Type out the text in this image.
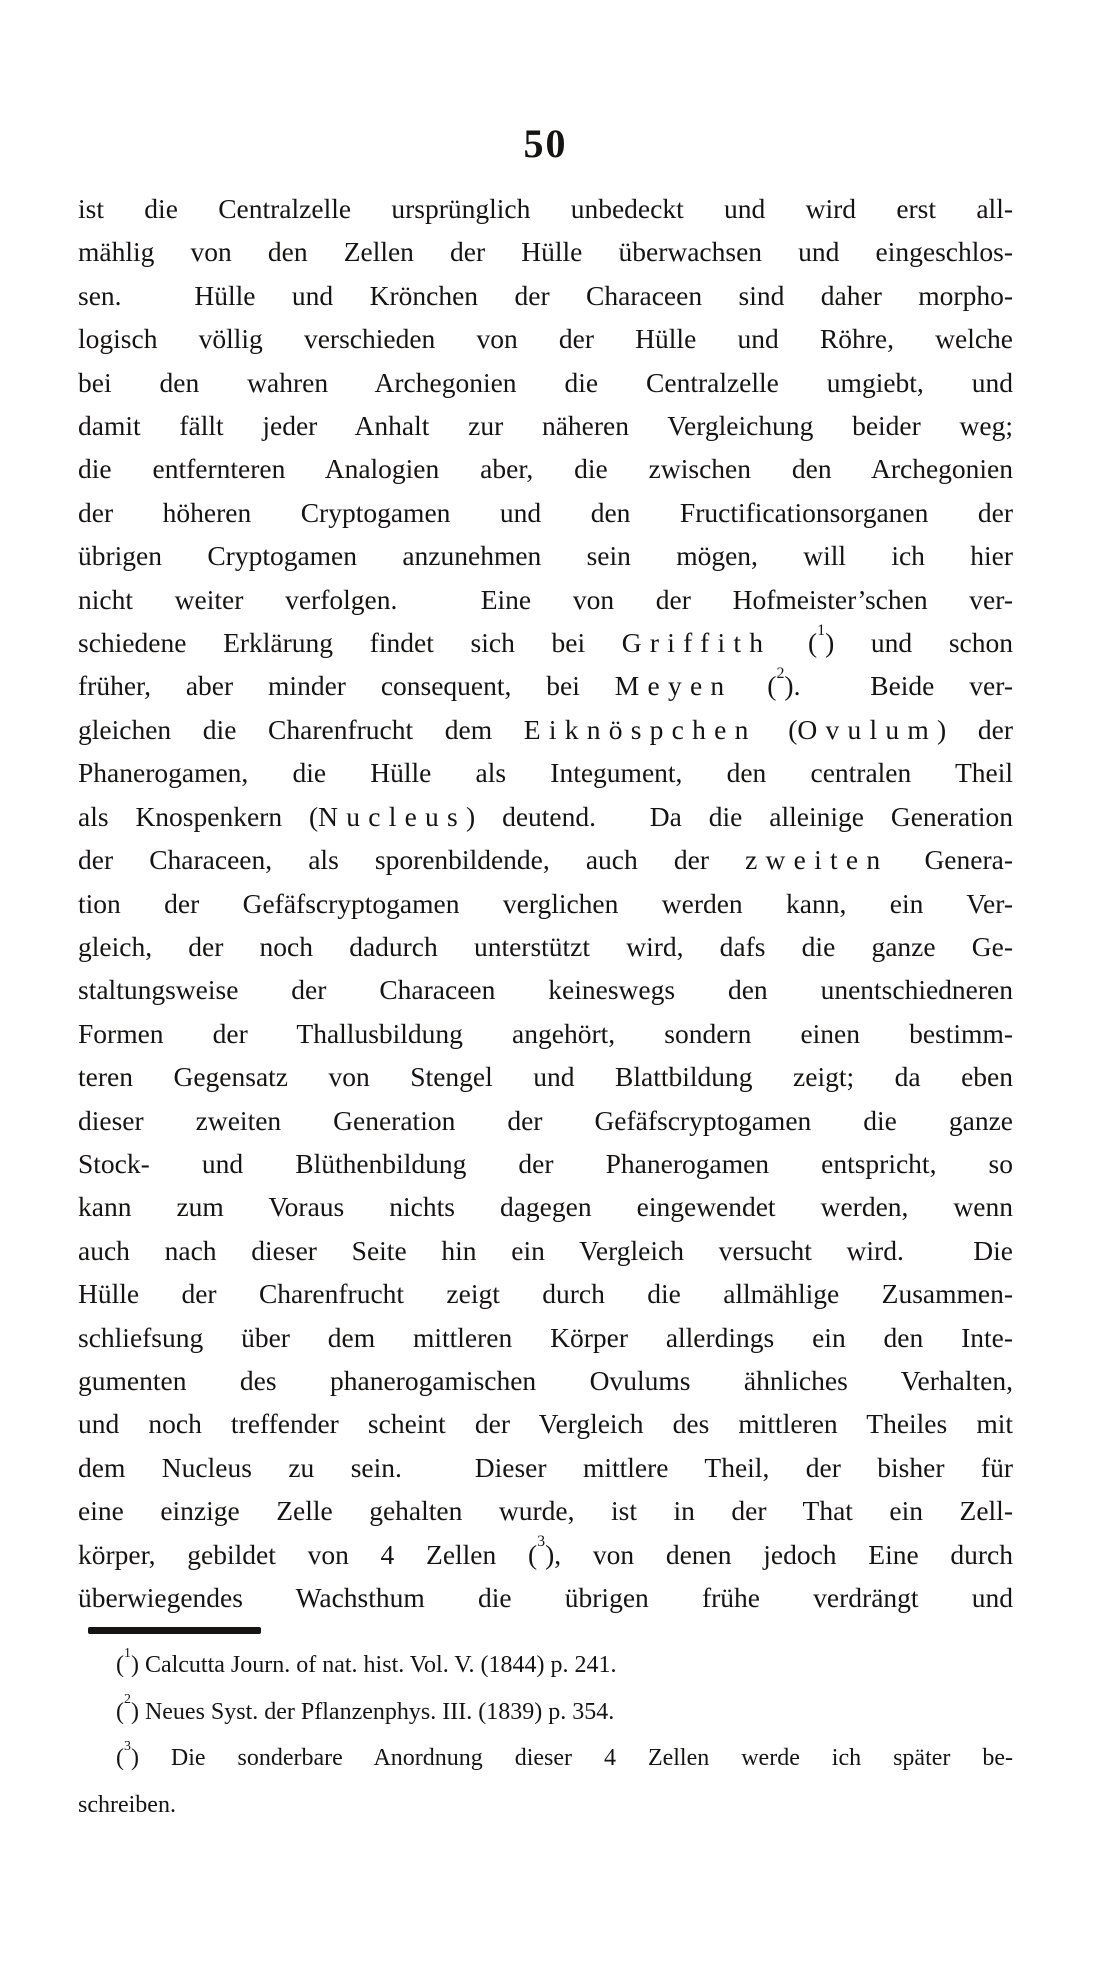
50
ist die Centralzelle ursprünglich unbedeckt und wird erst all-
mählig von den Zellen der Hülle überwachsen und eingeschlos-
sen.  Hülle und Krönchen der Characeen sind daher morpho-
logisch völlig verschieden von der Hülle und Röhre, welche
bei den wahren Archegonien die Centralzelle umgiebt, und
damit fällt jeder Anhalt zur näheren Vergleichung beider weg;
die entfernteren Analogien aber, die zwischen den Archegonien
der höheren Cryptogamen und den Fructificationsorganen der
übrigen Cryptogamen anzunehmen sein mögen, will ich hier
nicht weiter verfolgen.  Eine von der Hofmeister’schen ver-
schiedene Erklärung findet sich bei Griffith ($^1$) und schon
früher, aber minder consequent, bei Meyen ($^2$).  Beide ver-
gleichen die Charenfrucht dem Eiknöspchen (Ovulum) der
Phanerogamen, die Hülle als Integument, den centralen Theil
als Knospenkern (Nucleus) deutend.  Da die alleinige Generation
der Characeen, als sporenbildende, auch der zweiten Genera-
tion der Gefäfscryptogamen verglichen werden kann, ein Ver-
gleich, der noch dadurch unterstützt wird, dafs die ganze Ge-
staltungsweise der Characeen keineswegs den unentschiedneren
Formen der Thallusbildung angehört, sondern einen bestimm-
teren Gegensatz von Stengel und Blattbildung zeigt; da eben
dieser zweiten Generation der Gefäfscryptogamen die ganze
Stock- und Blüthenbildung der Phanerogamen entspricht, so
kann zum Voraus nichts dagegen eingewendet werden, wenn
auch nach dieser Seite hin ein Vergleich versucht wird.  Die
Hülle der Charenfrucht zeigt durch die allmählige Zusammen-
schliefsung über dem mittleren Körper allerdings ein den Inte-
gumenten des phanerogamischen Ovulums ähnliches Verhalten,
und noch treffender scheint der Vergleich des mittleren Theiles mit
dem Nucleus zu sein.  Dieser mittlere Theil, der bisher für
eine einzige Zelle gehalten wurde, ist in der That ein Zell-
körper, gebildet von 4 Zellen ($^3$), von denen jedoch Eine durch
überwiegendes Wachsthum die übrigen frühe verdrängt und
($^1$) Calcutta Journ. of nat. hist. Vol. V. (1844) p. 241.
($^2$) Neues Syst. der Pflanzenphys. III. (1839) p. 354.
($^3$) Die sonderbare Anordnung dieser 4 Zellen werde ich später be-
schreiben.
